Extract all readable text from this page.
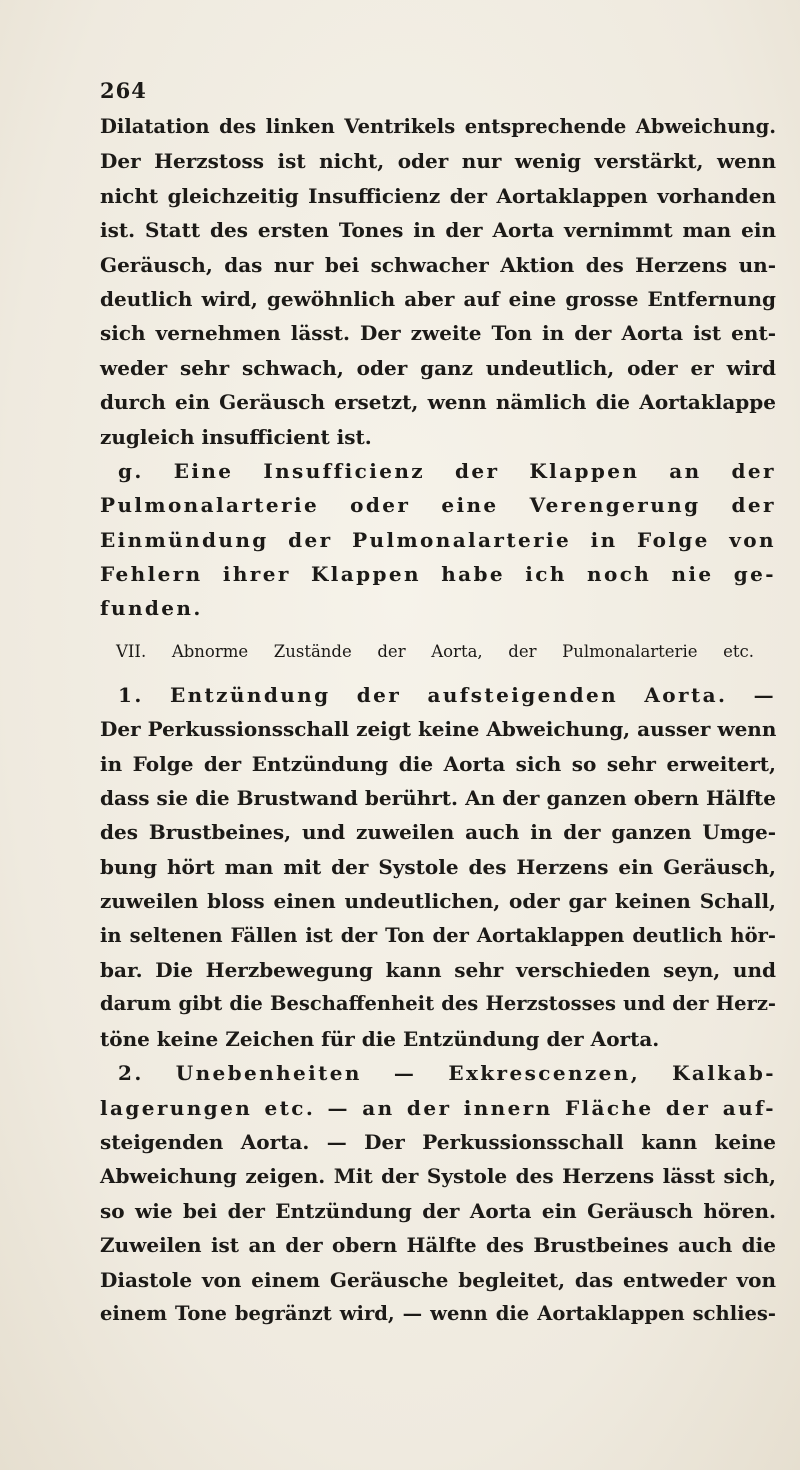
264
Dilatation des linken Ventrikels entsprechende Abweichung.
Der Herzstoss ist nicht, oder nur wenig verstärkt, wenn
nicht gleichzeitig Insufficienz der Aortaklappen vorhanden
ist. Statt des ersten Tones in der Aorta vernimmt man ein
Geräusch, das nur bei schwacher Aktion des Herzens un-
deutlich wird, gewöhnlich aber auf eine grosse Entfernung
sich vernehmen lässt. Der zweite Ton in der Aorta ist ent-
weder sehr schwach, oder ganz undeutlich, oder er wird
durch ein Geräusch ersetzt, wenn nämlich die Aortaklappe
zugleich insufficient ist.
g. Eine Insufficienz der Klappen an der
Pulmonalarterie oder eine Verengerung der
Einmündung der Pulmonalarterie in Folge von
Fehlern ihrer Klappen habe ich noch nie ge-
funden.
VII. Abnorme Zustände der Aorta, der Pulmonalarterie etc.
1. Entzündung der aufsteigenden Aorta. —
Der Perkussionsschall zeigt keine Abweichung, ausser wenn
in Folge der Entzündung die Aorta sich so sehr erweitert,
dass sie die Brustwand berührt. An der ganzen obern Hälfte
des Brustbeines, und zuweilen auch in der ganzen Umge-
bung hört man mit der Systole des Herzens ein Geräusch,
zuweilen bloss einen undeutlichen, oder gar keinen Schall,
in seltenen Fällen ist der Ton der Aortaklappen deutlich hör-
bar. Die Herzbewegung kann sehr verschieden seyn, und
darum gibt die Beschaffenheit des Herzstosses und der Herz-
töne keine Zeichen für die Entzündung der Aorta.
2. Unebenheiten — Exkrescenzen, Kalkab-
lagerungen etc. — an der innern Fläche der auf-
steigenden Aorta. — Der Perkussionsschall kann keine
Abweichung zeigen. Mit der Systole des Herzens lässt sich,
so wie bei der Entzündung der Aorta ein Geräusch hören.
Zuweilen ist an der obern Hälfte des Brustbeines auch die
Diastole von einem Geräusche begleitet, das entweder von
einem Tone begränzt wird, — wenn die Aortaklappen schlies-
